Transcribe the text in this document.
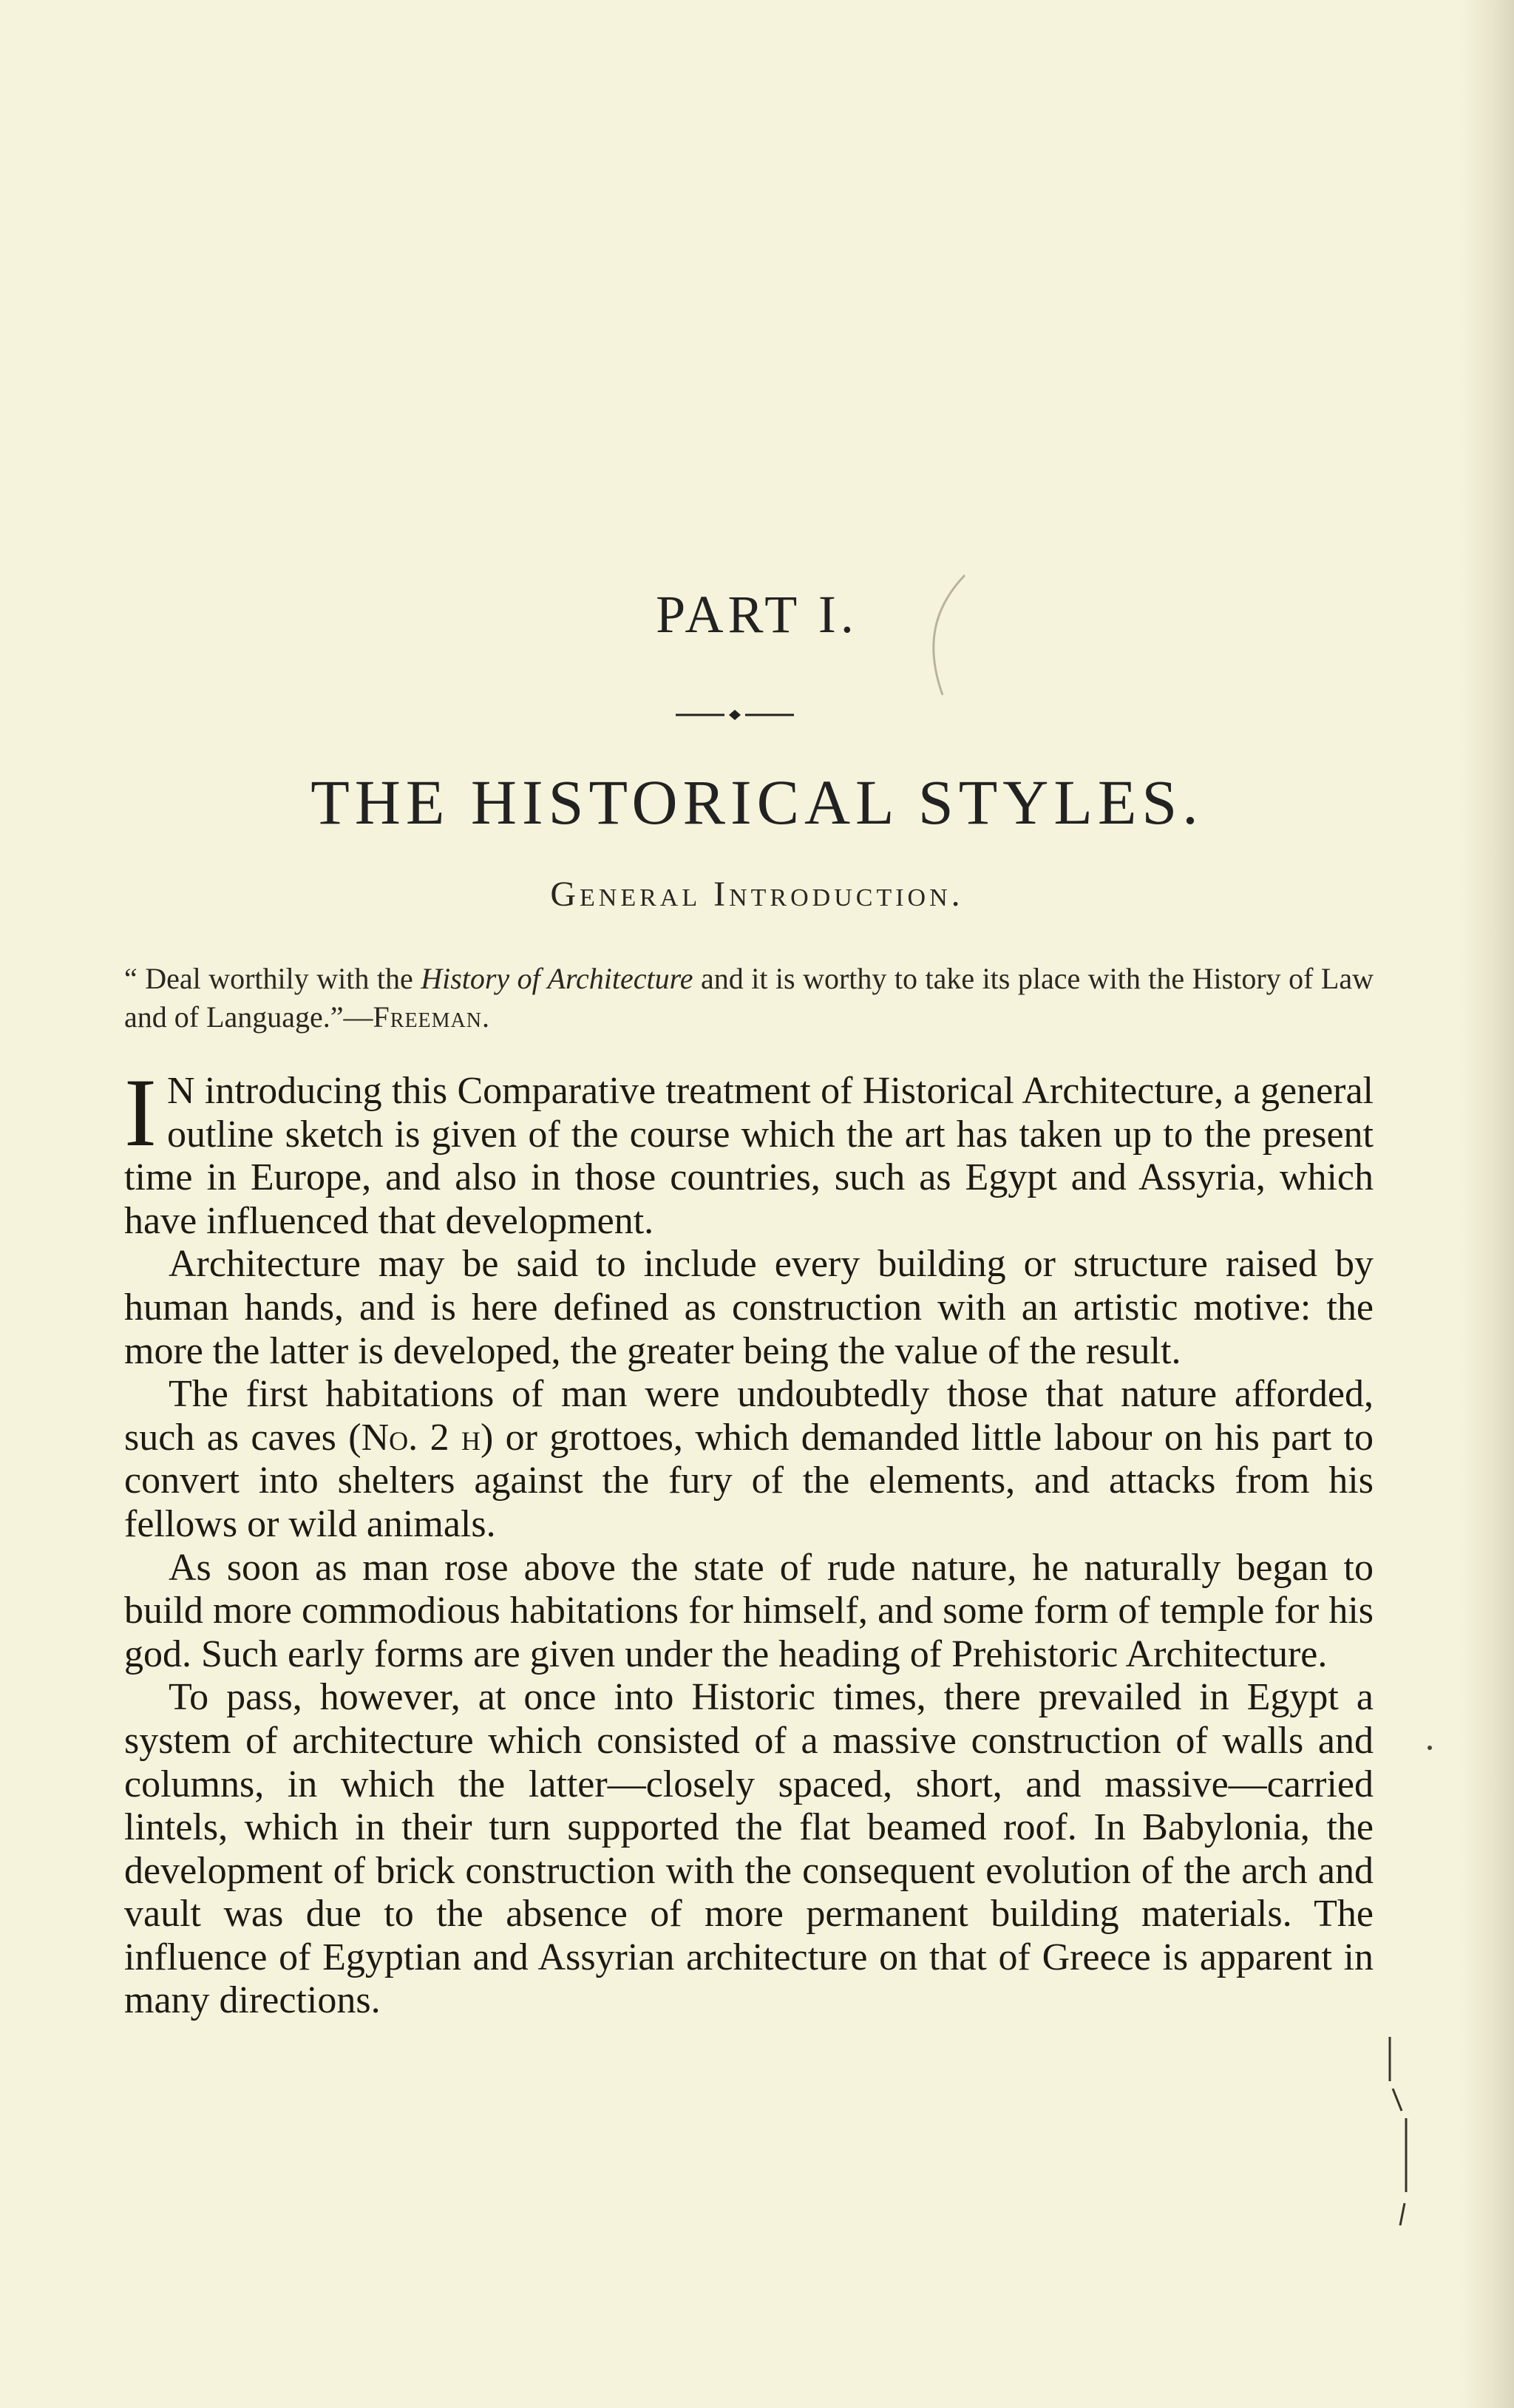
PART I.
THE HISTORICAL STYLES.
General Introduction.
“ Deal worthily with the History of Architecture and it is worthy to take its place with the History of Law and of Language.”—Freeman.

I N introducing this Comparative treatment of Historical Architecture, a general outline sketch is given of the course which the art has taken up to the present time in Europe, and also in those countries, such as Egypt and Assyria, which have influenced that development.

Architecture may be said to include every building or structure raised by human hands, and is here defined as construction with an artistic motive: the more the latter is developed, the greater being the value of the result.

The first habitations of man were undoubtedly those that nature afforded, such as caves (No. 2 h) or grottoes, which demanded little labour on his part to convert into shelters against the fury of the elements, and attacks from his fellows or wild animals.

As soon as man rose above the state of rude nature, he naturally began to build more commodious habitations for himself, and some form of temple for his god. Such early forms are given under the heading of Prehistoric Architecture.

To pass, however, at once into Historic times, there prevailed in Egypt a system of architecture which consisted of a massive construction of walls and columns, in which the latter—closely spaced, short, and massive—carried lintels, which in their turn supported the flat beamed roof. In Babylonia, the development of brick construction with the consequent evolution of the arch and vault was due to the absence of more permanent building materials. The influence of Egyptian and Assyrian architecture on that of Greece is apparent in many directions.
